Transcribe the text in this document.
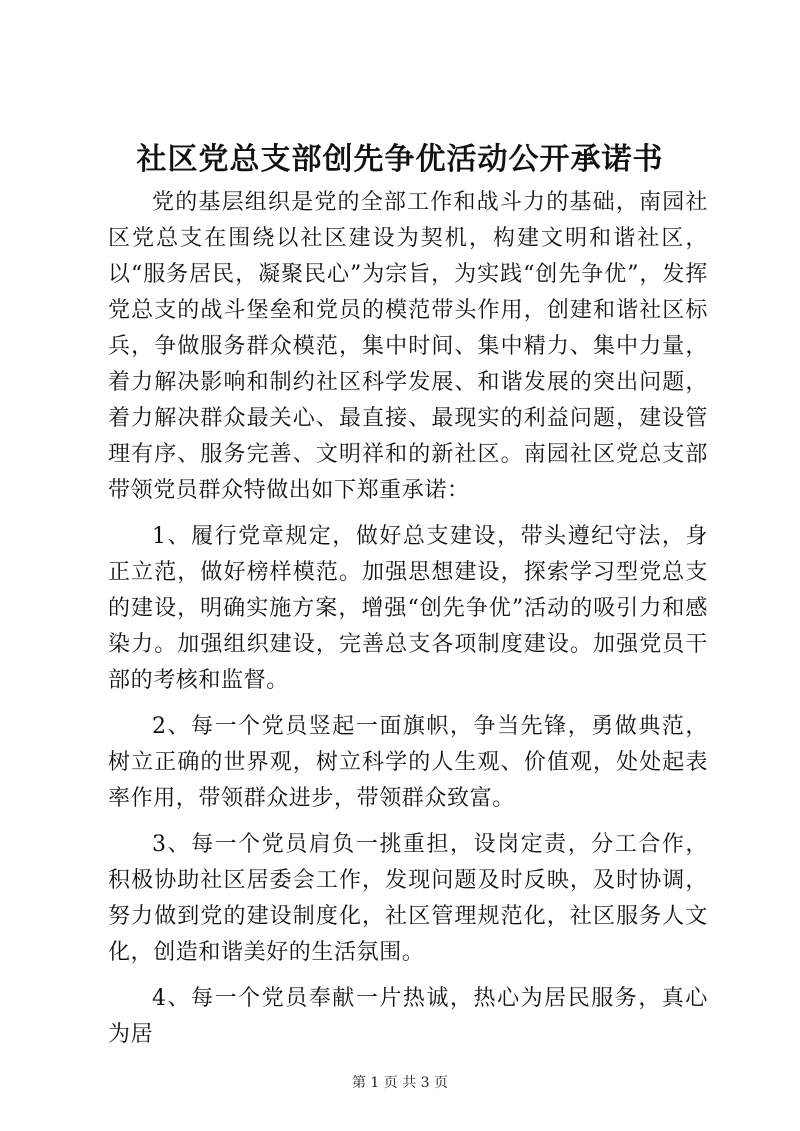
社区党总支部创先争优活动公开承诺书

党的基层组织是党的全部工作和战斗力的基础，南园社区党总支在围绕以社区建设为契机，构建文明和谐社区，以“服务居民，凝聚民心”为宗旨，为实践“创先争优”，发挥党总支的战斗堡垒和党员的模范带头作用，创建和谐社区标兵，争做服务群众模范，集中时间、集中精力、集中力量，着力解决影响和制约社区科学发展、和谐发展的突出问题，着力解决群众最关心、最直接、最现实的利益问题，建设管理有序、服务完善、文明祥和的新社区。南园社区党总支部带领党员群众特做出如下郑重承诺：

1、履行党章规定，做好总支建设，带头遵纪守法，身正立范，做好榜样模范。加强思想建设，探索学习型党总支的建设，明确实施方案，增强“创先争优”活动的吸引力和感染力。加强组织建设，完善总支各项制度建设。加强党员干部的考核和监督。

2、每一个党员竖起一面旗帜，争当先锋，勇做典范，树立正确的世界观，树立科学的人生观、价值观，处处起表率作用，带领群众进步，带领群众致富。

3、每一个党员肩负一挑重担，设岗定责，分工合作，积极协助社区居委会工作，发现问题及时反映，及时协调，努力做到党的建设制度化，社区管理规范化，社区服务人文化，创造和谐美好的生活氛围。

4、每一个党员奉献一片热诚，热心为居民服务，真心为居

第 1 页 共 3 页
